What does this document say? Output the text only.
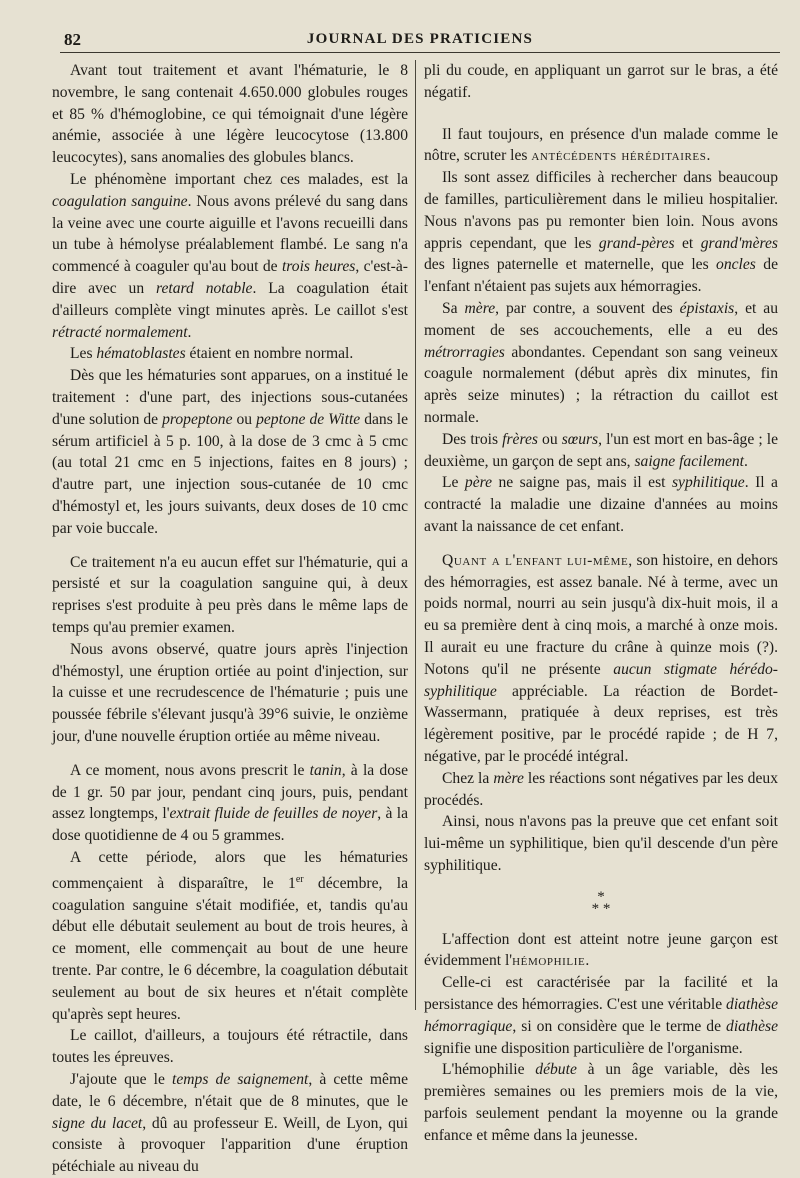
82	JOURNAL DES PRATICIENS

Avant tout traitement et avant l'hématurie, le 8 novembre, le sang contenait 4.650.000 globules rouges et 85 % d'hémoglobine, ce qui témoignait d'une légère anémie, associée à une légère leucocytose (13.800 leucocytes), sans anomalies des globules blancs.

Le phénomène important chez ces malades, est la coagulation sanguine. Nous avons prélevé du sang dans la veine avec une courte aiguille et l'avons recueilli dans un tube à hémolyse préalablement flambé. Le sang n'a commencé à coaguler qu'au bout de trois heures, c'est-à-dire avec un retard notable. La coagulation était d'ailleurs complète vingt minutes après. Le caillot s'est rétracté normalement.

Les hématoblastes étaient en nombre normal.

Dès que les hématuries sont apparues, on a institué le traitement : d'une part, des injections sous-cutanées d'une solution de propeptone ou peptone de Witte dans le sérum artificiel à 5 p. 100, à la dose de 3 cmc à 5 cmc (au total 21 cmc en 5 injections, faites en 8 jours) ; d'autre part, une injection sous-cutanée de 10 cmc d'hémostyl et, les jours suivants, deux doses de 10 cmc par voie buccale.

Ce traitement n'a eu aucun effet sur l'hématurie, qui a persisté et sur la coagulation sanguine qui, à deux reprises s'est produite à peu près dans le même laps de temps qu'au premier examen.

Nous avons observé, quatre jours après l'injection d'hémostyl, une éruption ortiée au point d'injection, sur la cuisse et une recrudescence de l'hématurie ; puis une poussée fébrile s'élevant jusqu'à 39°6 suivie, le onzième jour, d'une nouvelle éruption ortiée au même niveau.

A ce moment, nous avons prescrit le tanin, à la dose de 1 gr. 50 par jour, pendant cinq jours, puis, pendant assez longtemps, l'extrait fluide de feuilles de noyer, à la dose quotidienne de 4 ou 5 grammes.

A cette période, alors que les hématuries commençaient à disparaître, le 1er décembre, la coagulation sanguine s'était modifiée, et, tandis qu'au début elle débutait seulement au bout de trois heures, à ce moment, elle commençait au bout de une heure trente. Par contre, le 6 décembre, la coagulation débutait seulement au bout de six heures et n'était complète qu'après sept heures.

Le caillot, d'ailleurs, a toujours été rétractile, dans toutes les épreuves.

J'ajoute que le temps de saignement, à cette même date, le 6 décembre, n'était que de 8 minutes, que le signe du lacet, dû au professeur E. Weill, de Lyon, qui consiste à provoquer l'apparition d'une éruption pétéchiale au niveau du

pli du coude, en appliquant un garrot sur le bras, a été négatif.

Il faut toujours, en présence d'un malade comme le nôtre, scruter les antécédents héréditaires.

Ils sont assez difficiles à rechercher dans beaucoup de familles, particulièrement dans le milieu hospitalier. Nous n'avons pas pu remonter bien loin. Nous avons appris cependant, que les grand-pères et grand'mères des lignes paternelle et maternelle, que les oncles de l'enfant n'étaient pas sujets aux hémorragies.

Sa mère, par contre, a souvent des épistaxis, et au moment de ses accouchements, elle a eu des métrorragies abondantes. Cependant son sang veineux coagule normalement (début après dix minutes, fin après seize minutes) ; la rétraction du caillot est normale.

Des trois frères ou sœurs, l'un est mort en bas-âge ; le deuxième, un garçon de sept ans, saigne facilement.

Le père ne saigne pas, mais il est syphilitique. Il a contracté la maladie une dizaine d'années au moins avant la naissance de cet enfant.

Quant a l'enfant lui-même, son histoire, en dehors des hémorragies, est assez banale. Né à terme, avec un poids normal, nourri au sein jusqu'à dix-huit mois, il a eu sa première dent à cinq mois, a marché à onze mois. Il aurait eu une fracture du crâne à quinze mois (?). Notons qu'il ne présente aucun stigmate hérédo-syphilitique appréciable. La réaction de Bordet-Wassermann, pratiquée à deux reprises, est très légèrement positive, par le procédé rapide ; de H 7, négative, par le procédé intégral.

Chez la mère les réactions sont négatives par les deux procédés.

Ainsi, nous n'avons pas la preuve que cet enfant soit lui-même un syphilitique, bien qu'il descende d'un père syphilitique.

*
* *

L'affection dont est atteint notre jeune garçon est évidemment l'hémophilie.

Celle-ci est caractérisée par la facilité et la persistance des hémorragies. C'est une véritable diathèse hémorragique, si on considère que le terme de diathèse signifie une disposition particulière de l'organisme.

L'hémophilie débute à un âge variable, dès les premières semaines ou les premiers mois de la vie, parfois seulement pendant la moyenne ou la grande enfance et même dans la jeunesse.
